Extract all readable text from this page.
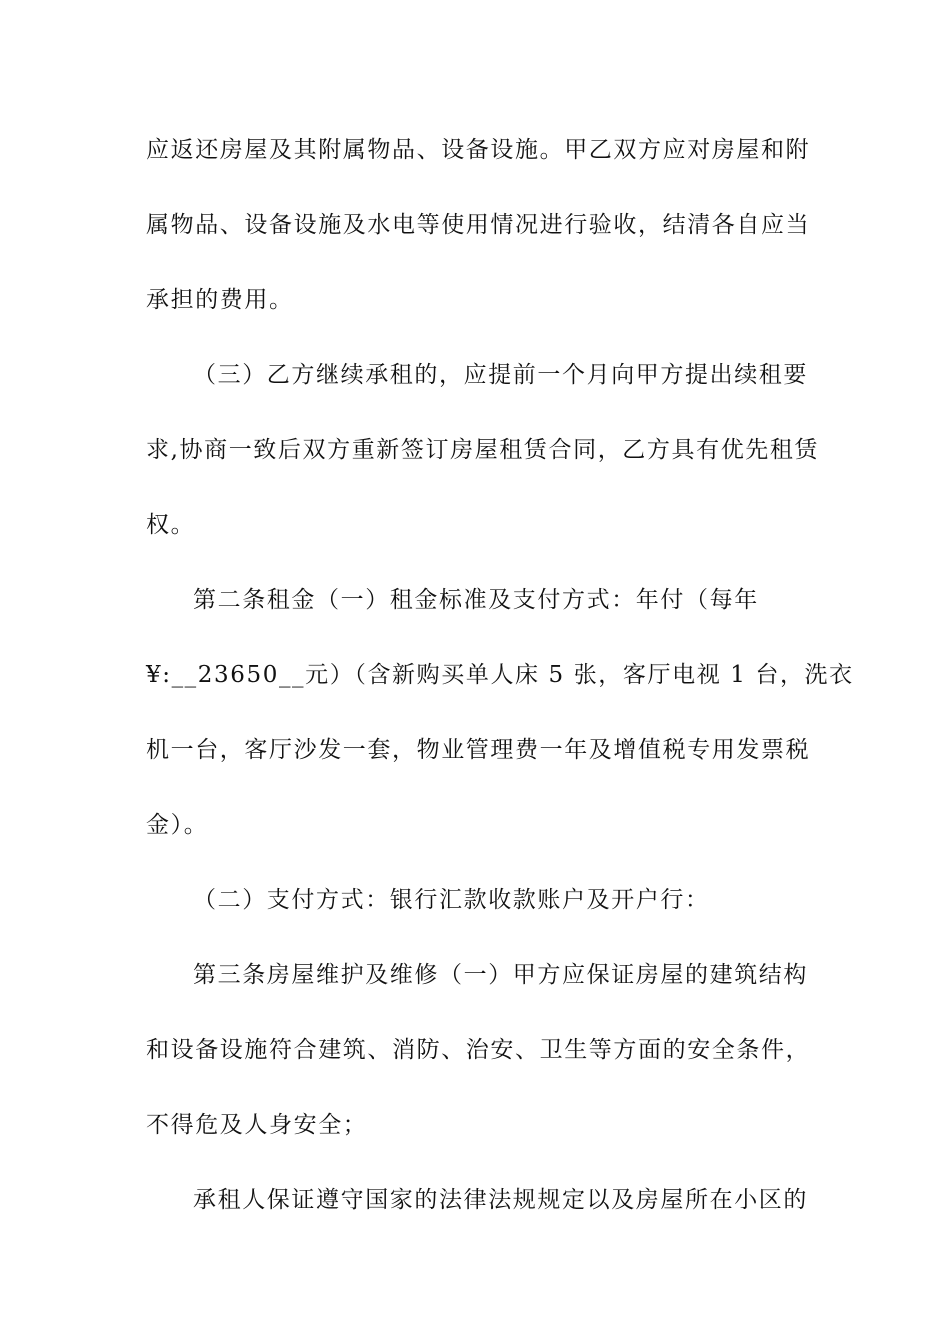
应返还房屋及其附属物品、设备设施。甲乙双方应对房屋和附
属物品、设备设施及水电等使用情况进行验收，结清各自应当
承担的费用。
（三）乙方继续承租的，应提前一个月向甲方提出续租要
求,协商一致后双方重新签订房屋租赁合同，乙方具有优先租赁
权。
第二条租金（一）租金标准及支付方式：年付（每年
¥:__23650__元）（含新购买单人床 5 张，客厅电视 1 台，洗衣
机一台，客厅沙发一套，物业管理费一年及增值税专用发票税
金）。
（二）支付方式：银行汇款收款账户及开户行：
第三条房屋维护及维修（一）甲方应保证房屋的建筑结构
和设备设施符合建筑、消防、治安、卫生等方面的安全条件，
不得危及人身安全；
承租人保证遵守国家的法律法规规定以及房屋所在小区的
